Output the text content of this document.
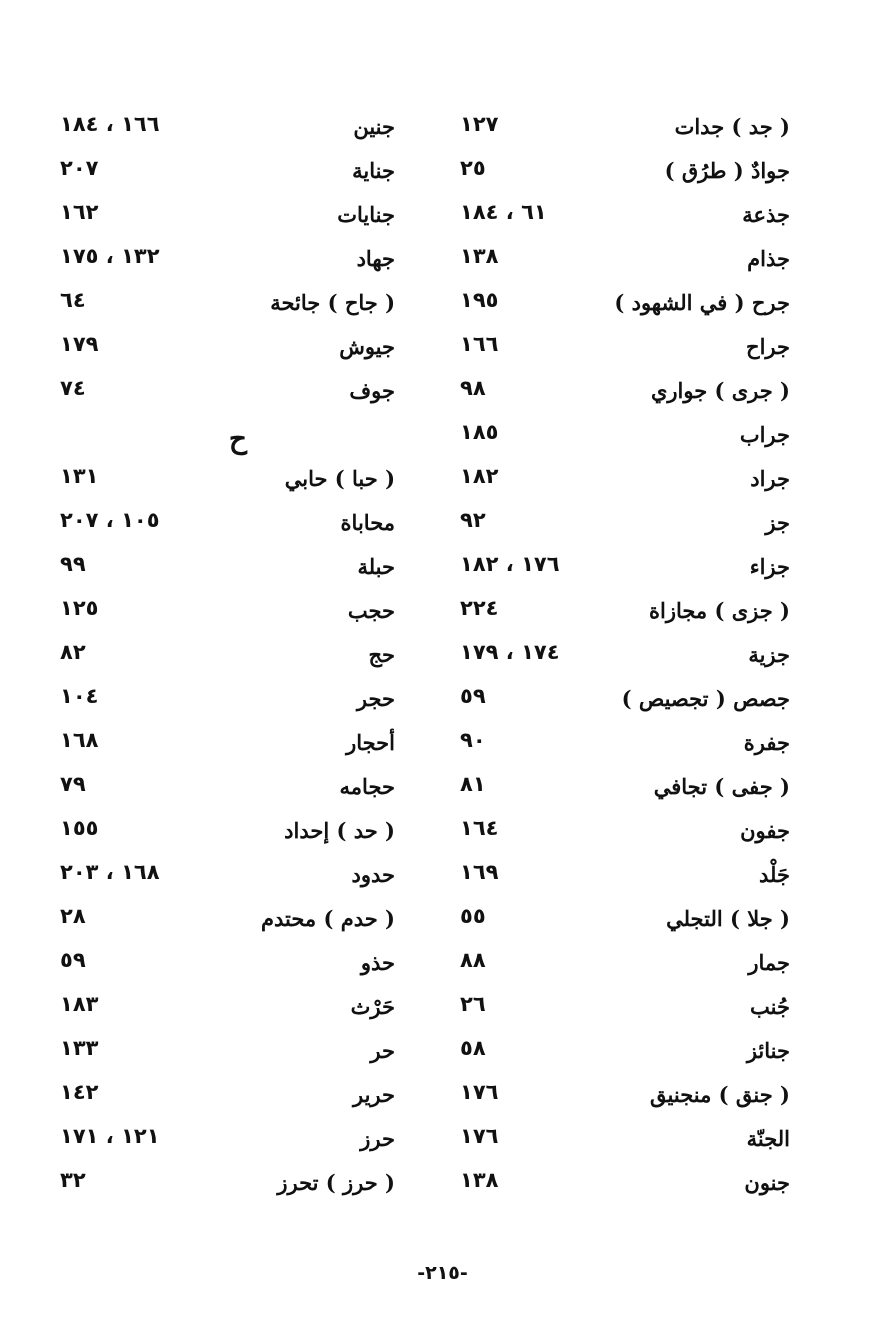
( جد ) جدات
١٢٧
جوادٌ ( طرُق )
٢٥
جذعة
٦١ ، ١٨٤
جذام
١٣٨
جرح ( في الشهود )
١٩٥
جراح
١٦٦
( جرى ) جواري
٩٨
جراب
١٨٥
جراد
١٨٢
جز
٩٢
جزاء
١٧٦ ، ١٨٢
( جزى ) مجازاة
٢٢٤
جزية
١٧٤ ، ١٧٩
جصص ( تجصيص )
٥٩
جفرة
٩٠
( جفى ) تجافي
٨١
جفون
١٦٤
جَلْد
١٦٩
( جلا ) التجلي
٥٥
جمار
٨٨
جُنب
٢٦
جنائز
٥٨
( جنق ) منجنيق
١٧٦
الجنّة
١٧٦
جنون
١٣٨
جنين
١٦٦ ، ١٨٤
جناية
٢٠٧
جنايات
١٦٢
جهاد
١٣٢ ، ١٧٥
( جاح ) جائحة
٦٤
جيوش
١٧٩
جوف
٧٤
ح
( حبا ) حابي
١٣١
محاباة
١٠٥ ، ٢٠٧
حبلة
٩٩
حجب
١٢٥
حج
٨٢
حجر
١٠٤
أحجار
١٦٨
حجامه
٧٩
( حد ) إحداد
١٥٥
حدود
١٦٨ ، ٢٠٣
( حدم ) محتدم
٢٨
حذو
٥٩
حَرْث
١٨٣
حر
١٣٣
حرير
١٤٢
حرز
١٢١ ، ١٧١
( حرز ) تحرز
٣٢
-٢١٥-
